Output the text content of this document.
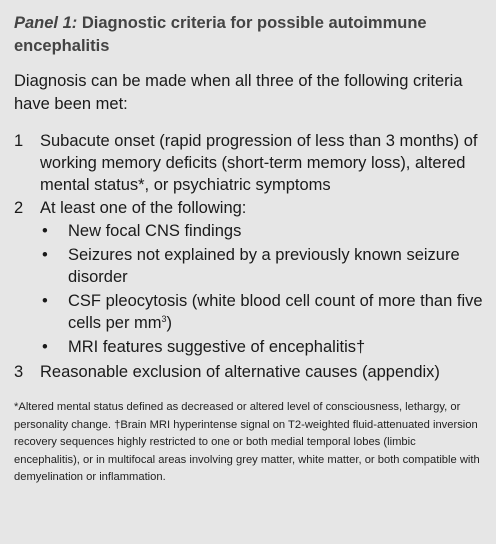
Panel 1: Diagnostic criteria for possible autoimmune encephalitis
Diagnosis can be made when all three of the following criteria have been met:
1	Subacute onset (rapid progression of less than 3 months) of working memory deficits (short-term memory loss), altered mental status*, or psychiatric symptoms
2	At least one of the following:
•	New focal CNS findings
•	Seizures not explained by a previously known seizure disorder
•	CSF pleocytosis (white blood cell count of more than five cells per $mm^3$)
•	MRI features suggestive of encephalitis†
3	Reasonable exclusion of alternative causes (appendix)
*Altered mental status defined as decreased or altered level of consciousness, lethargy, or personality change. †Brain MRI hyperintense signal on T2-weighted fluid-attenuated inversion recovery sequences highly restricted to one or both medial temporal lobes (limbic encephalitis), or in multifocal areas involving grey matter, white matter, or both compatible with demyelination or inflammation.
